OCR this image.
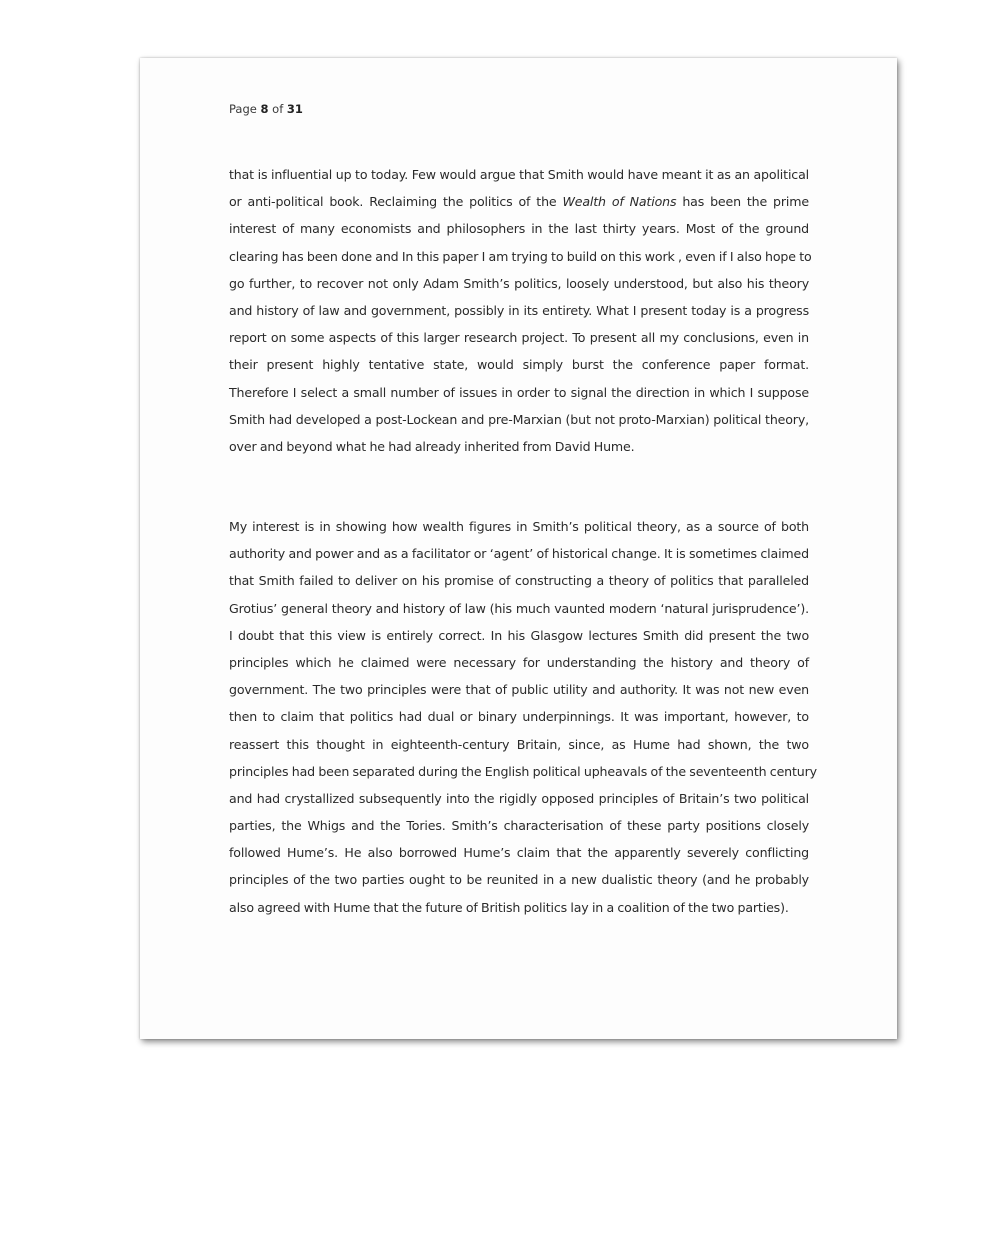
Page 8 of 31
that is influential up to today. Few would argue that Smith would have meant it as an apolitical
or anti-political book. Reclaiming the politics of the Wealth of Nations has been the prime
interest of many economists and philosophers in the last thirty years. Most of the ground
clearing has been done and In this paper I am trying to build on this work , even if I also hope to
go further, to recover not only Adam Smith’s politics, loosely understood, but also his theory
and history of law and government, possibly in its entirety. What I present today is a progress
report on some aspects of this larger research project. To present all my conclusions, even in
their present highly tentative state, would simply burst the conference paper format.
Therefore I select a small number of issues in order to signal the direction in which I suppose
Smith had developed a post-Lockean and pre-Marxian (but not proto-Marxian) political theory,
over and beyond what he had already inherited from David Hume.
My interest is in showing how wealth figures in Smith’s political theory, as a source of both
authority and power and as a facilitator or ‘agent’ of historical change. It is sometimes claimed
that Smith failed to deliver on his promise of constructing a theory of politics that paralleled
Grotius’ general theory and history of law (his much vaunted modern ‘natural jurisprudence’).
I doubt that this view is entirely correct. In his Glasgow lectures Smith did present the two
principles which he claimed were necessary for understanding the history and theory of
government. The two principles were that of public utility and authority. It was not new even
then to claim that politics had dual or binary underpinnings. It was important, however, to
reassert this thought in eighteenth-century Britain, since, as Hume had shown, the two
principles had been separated during the English political upheavals of the seventeenth century
and had crystallized subsequently into the rigidly opposed principles of Britain’s two political
parties, the Whigs and the Tories. Smith’s characterisation of these party positions closely
followed Hume’s. He also borrowed Hume’s claim that the apparently severely conflicting
principles of the two parties ought to be reunited in a new dualistic theory (and he probably
also agreed with Hume that the future of British politics lay in a coalition of the two parties).
